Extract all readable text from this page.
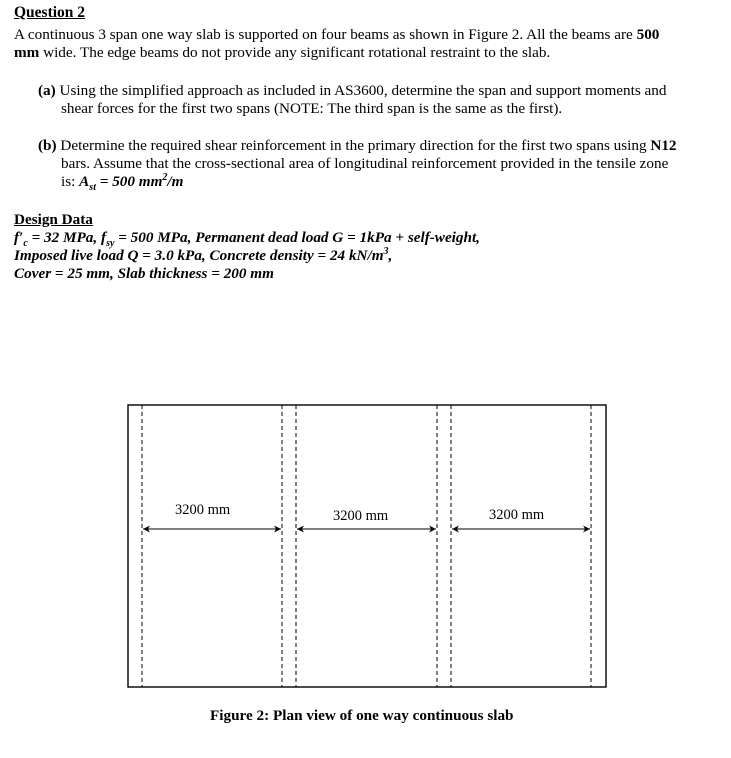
Question 2
A continuous 3 span one way slab is supported on four beams as shown in Figure 2. All the beams are 500
mm wide. The edge beams do not provide any significant rotational restraint to the slab.
(a) Using the simplified approach as included in AS3600, determine the span and support moments and
shear forces for the first two spans (NOTE: The third span is the same as the first).
(b) Determine the required shear reinforcement in the primary direction for the first two spans using N12
bars. Assume that the cross-sectional area of longitudinal reinforcement provided in the tensile zone
is: $A_{st} = 500$ $mm^2/m$
Design Data
$f'_c = 32$ MPa, $f_{sy} = 500$ MPa, Permanent dead load G = 1kPa + self-weight,
Imposed live load Q = 3.0 kPa, Concrete density = 24 $kN/m^3$,
Cover = 25 mm, Slab thickness = 200 mm
3200 mm	3200 mm	3200 mm
Figure 2: Plan view of one way continuous slab
